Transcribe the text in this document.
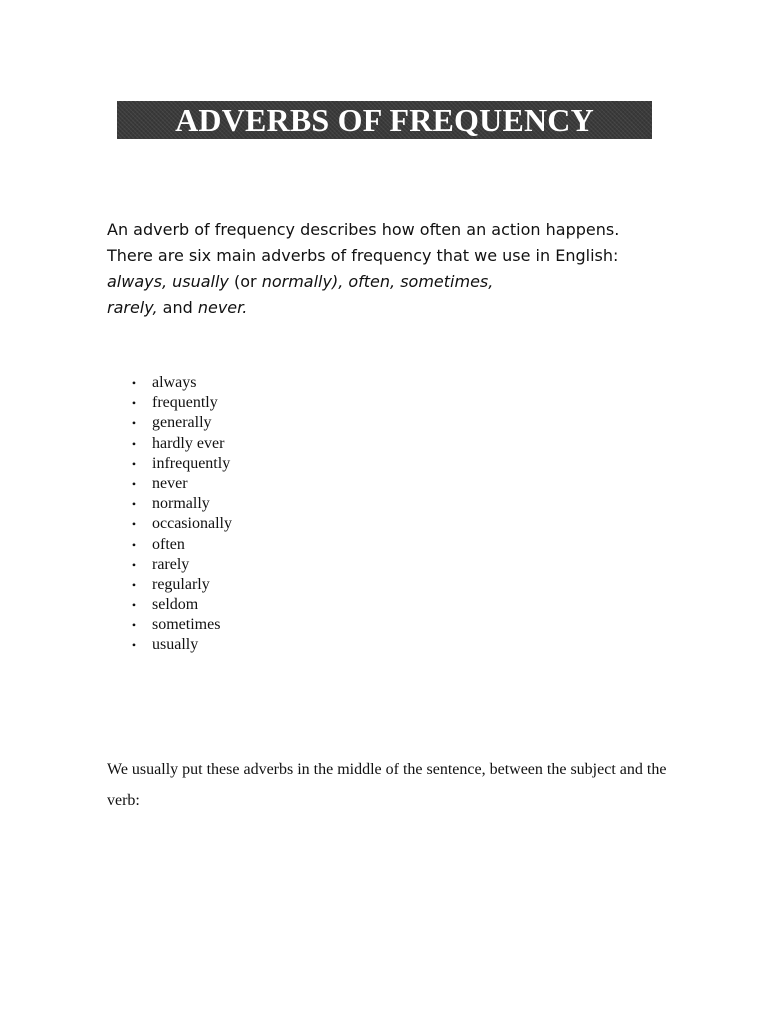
ADVERBS OF FREQUENCY

An adverb of frequency describes how often an action happens. There are six main adverbs of frequency that we use in English: always, usually (or normally), often, sometimes,
rarely, and never.

• always
• frequently
• generally
• hardly ever
• infrequently
• never
• normally
• occasionally
• often
• rarely
• regularly
• seldom
• sometimes
• usually

We usually put these adverbs in the middle of the sentence, between the subject and the verb:
